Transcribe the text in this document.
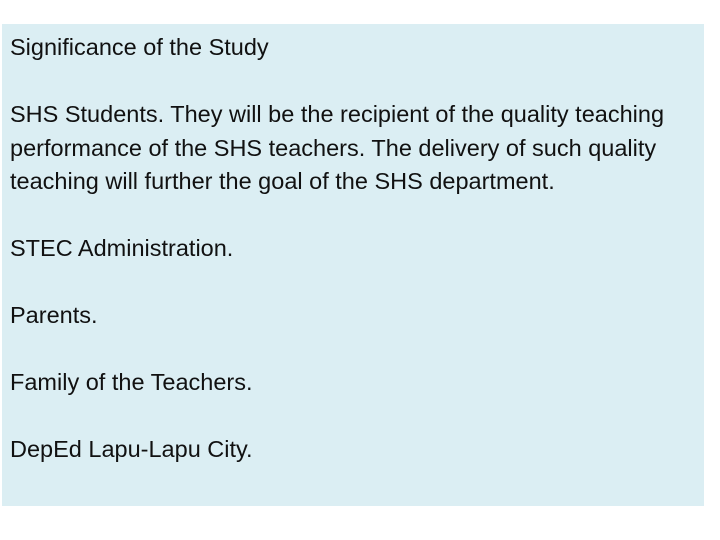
Significance of the Study

SHS Students. They will be the recipient of the quality teaching performance of the SHS teachers. The delivery of such quality teaching will further the goal of the SHS department.

STEC Administration.

Parents.

Family of the Teachers.

DepEd Lapu-Lapu City.
